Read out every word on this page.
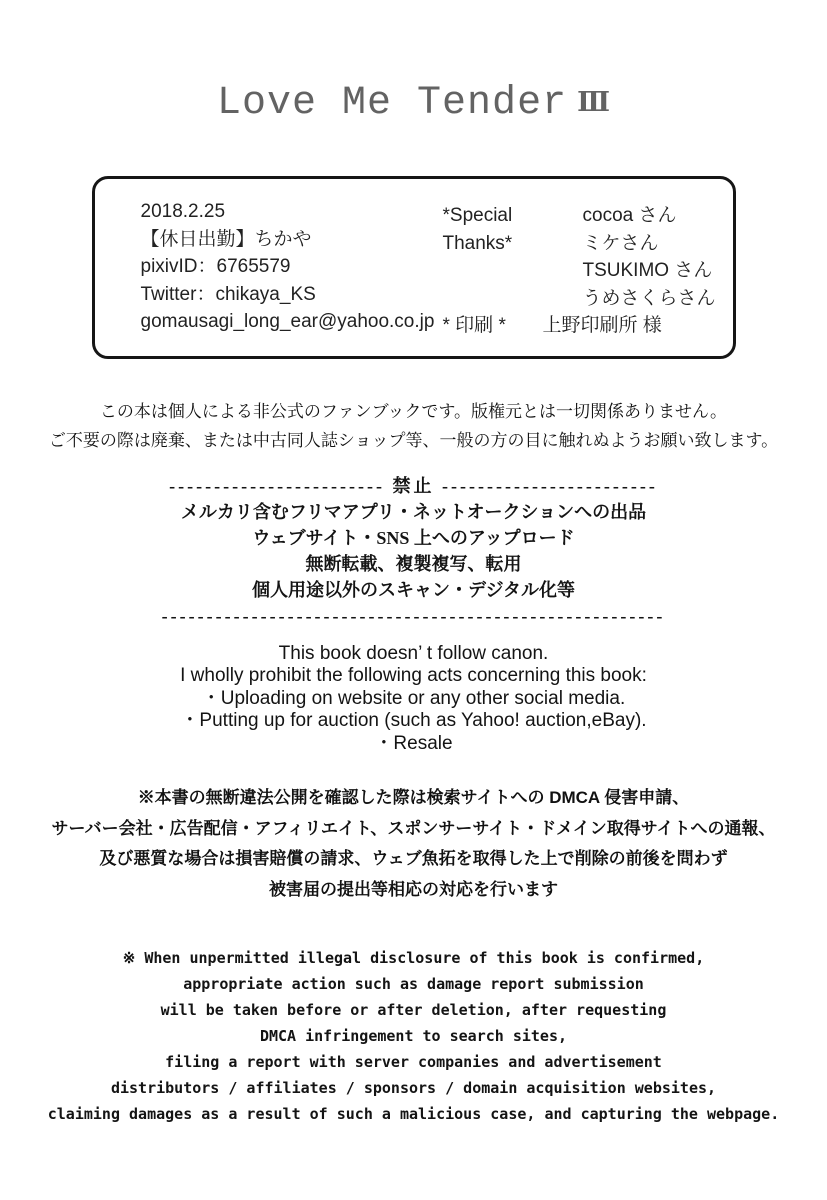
Love Me Tender Ⅲ
2018.2.25
【休日出勤】ちかや
pixivID：6765579
Twitter：chikaya_KS
gomausagi_long_ear@yahoo.co.jp
*Special Thanks*
cocoa さん
ミケさん
TSUKIMO さん
うめさくらさん
* 印刷 *	上野印刷所 様
この本は個人による非公式のファンブックです。版権元とは一切関係ありません。
ご不要の際は廃棄、または中古同人誌ショップ等、一般の方の目に触れぬようお願い致します。
------------------------ 禁止 ------------------------
メルカリ含むフリマアプリ・ネットオークションへの出品
ウェブサイト・SNS 上へのアップロード
無断転載、複製複写、転用
個人用途以外のスキャン・デジタル化等
--------------------------------------------------------
This book doesn’ t follow canon.
I wholly prohibit the following acts concerning this book:
・Uploading on website or any other social media.
・Putting up for auction (such as Yahoo! auction,eBay).
・Resale
※本書の無断違法公開を確認した際は検索サイトへの DMCA 侵害申請、
サーバー会社・広告配信・アフィリエイト、スポンサーサイト・ドメイン取得サイトへの通報、
及び悪質な場合は損害賠償の請求、ウェブ魚拓を取得した上で削除の前後を問わず
被害届の提出等相応の対応を行います
※ When unpermitted illegal disclosure of this book is confirmed,
appropriate action such as damage report submission
will be taken before or after deletion, after requesting
DMCA infringement to search sites,
filing a report with server companies and advertisement
distributors / affiliates / sponsors / domain acquisition websites,
claiming damages as a result of such a malicious case, and capturing the webpage.
